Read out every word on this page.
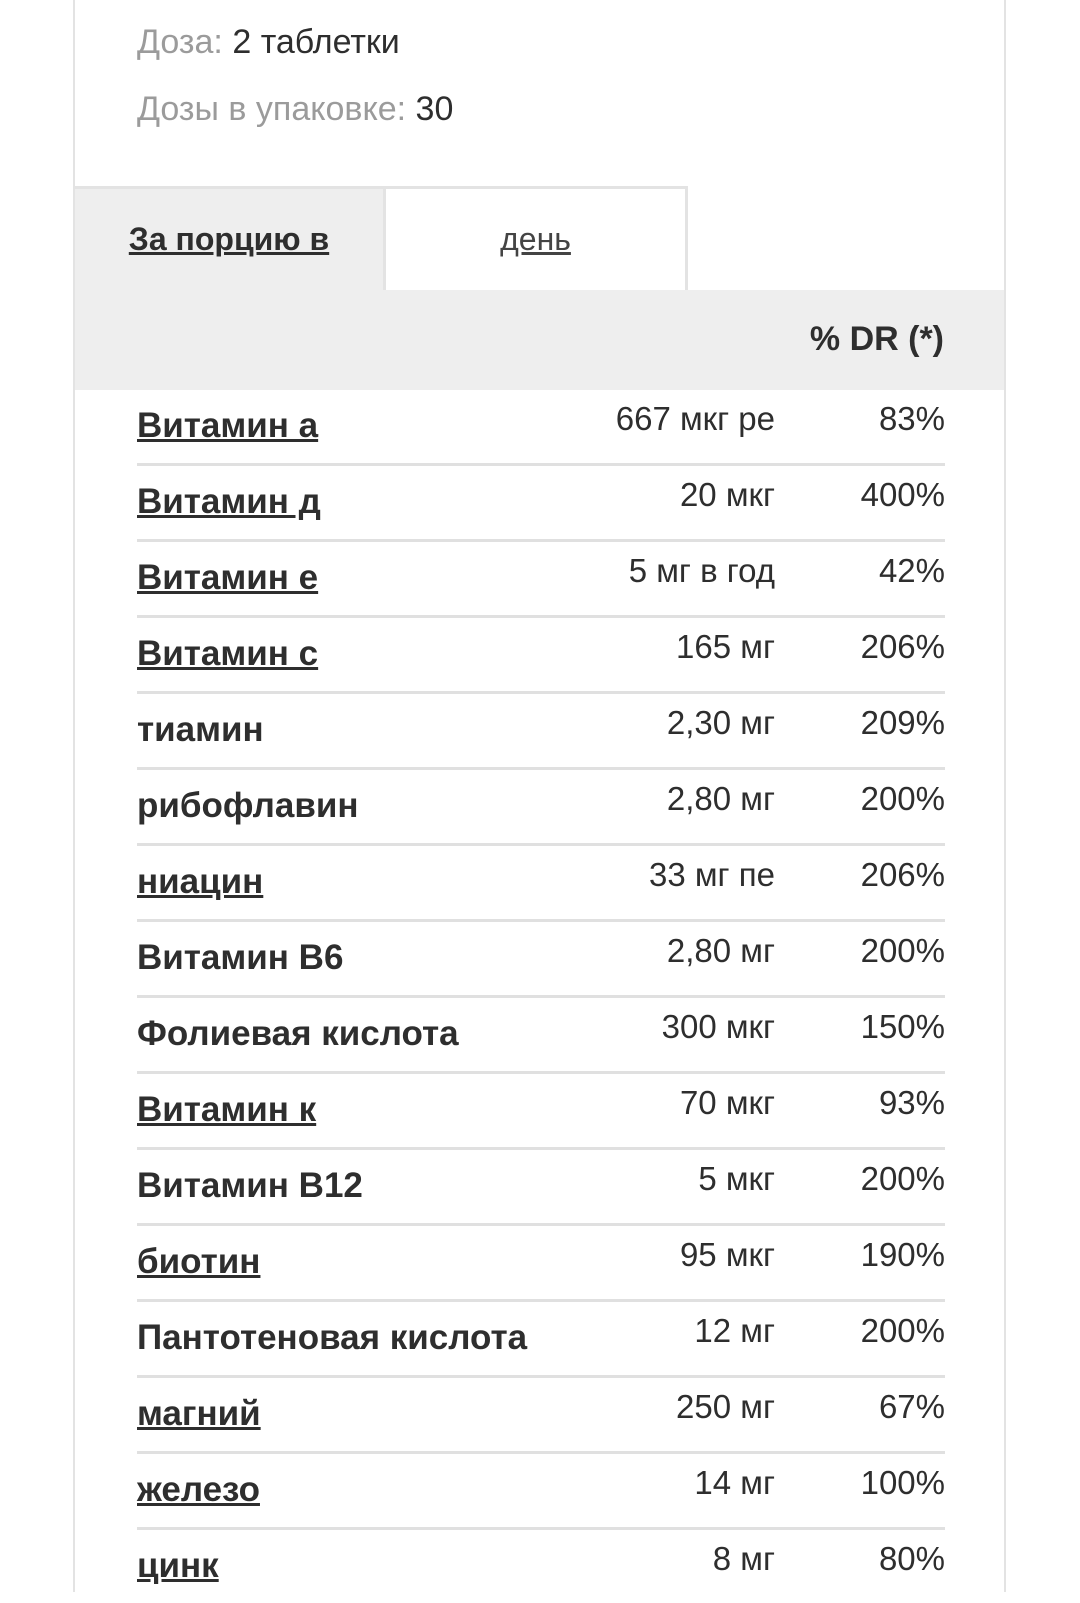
Доза: 2 таблетки
Дозы в упаковке: 30
За порцию в	день
% DR (*)
Витамин а	667 мкг ре	83%
Витамин д	20 мкг	400%
Витамин е	5 мг в год	42%
Витамин с	165 мг	206%
тиамин	2,30 мг	209%
рибофлавин	2,80 мг	200%
ниацин	33 мг пе	206%
Витамин В6	2,80 мг	200%
Фолиевая кислота	300 мкг	150%
Витамин к	70 мкг	93%
Витамин В12	5 мкг	200%
биотин	95 мкг	190%
Пантотеновая кислота	12 мг	200%
магний	250 мг	67%
железо	14 мг	100%
цинк	8 мг	80%
